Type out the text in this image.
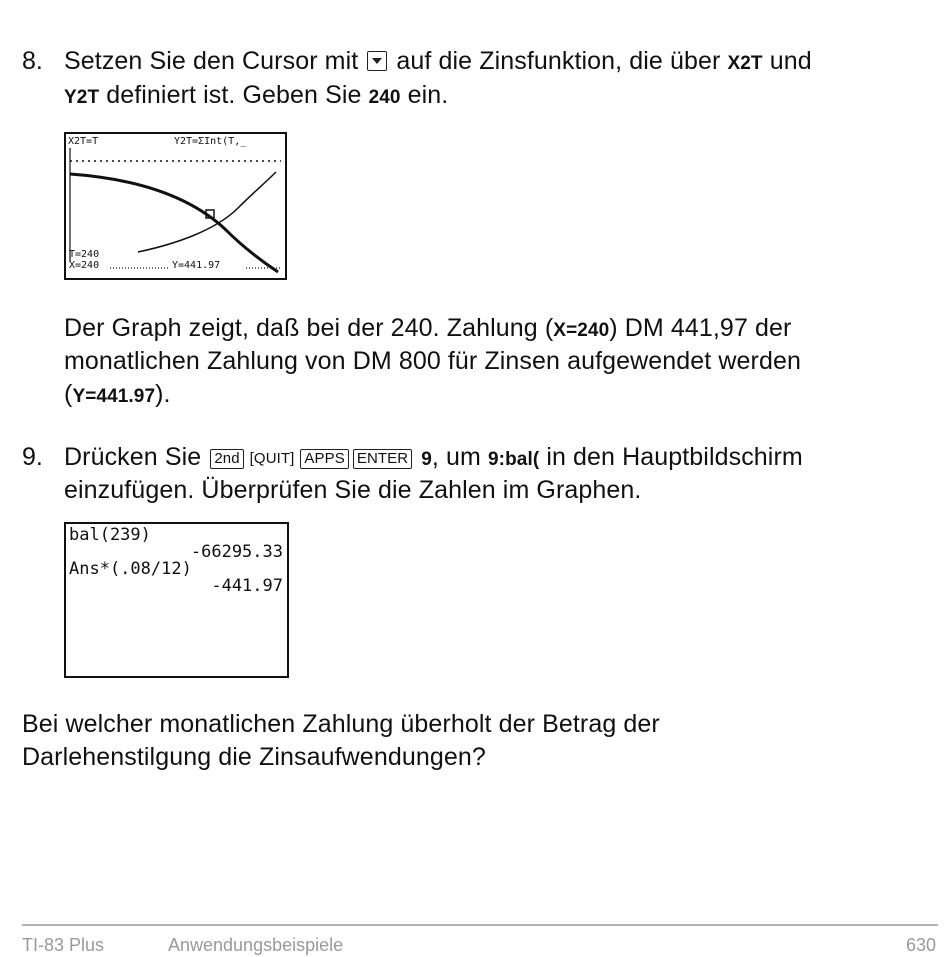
8. Setzen Sie den Cursor mit auf die Zinsfunktion, die über X2T und
Y2T definiert ist. Geben Sie 240 ein.
X2T=T	Y2T=ΣInt(T,_
T=240
X=240	Y=441.97
Der Graph zeigt, daß bei der 240. Zahlung (X=240) DM 441,97 der
monatlichen Zahlung von DM 800 für Zinsen aufgewendet werden
(Y=441.97).
9. Drücken Sie 2nd [QUIT] APPS ENTER 9, um 9:bal( in den Hauptbildschirm
einzufügen. Überprüfen Sie die Zahlen im Graphen.
bal(239)
-66295.33
Ans*(.08/12)
-441.97
Bei welcher monatlichen Zahlung überholt der Betrag der
Darlehenstilgung die Zinsaufwendungen?
TI-83 Plus	Anwendungsbeispiele	630
